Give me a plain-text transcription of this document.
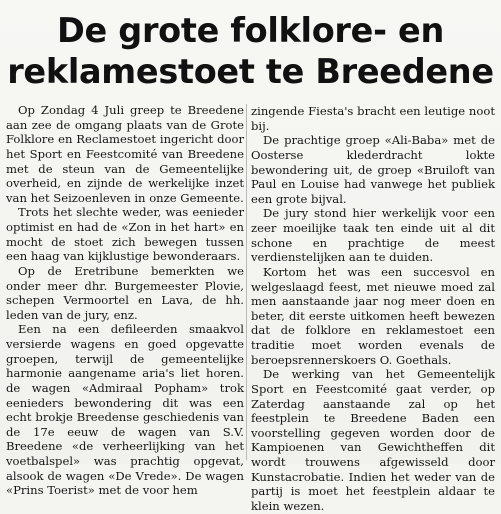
De grote folklore- en
reklamestoet te Breedene

Op Zondag 4 Juli greep te Breedene aan zee de omgang plaats van de Grote Folklore en Reclamestoet ingericht door het Sport en Feestcomité van Breedene met de steun van de Gemeentelijke overheid, en zijnde de werkelijke inzet van het Seizoenleven in onze Gemeente.

Trots het slechte weder, was eenieder optimist en had de «Zon in het hart» en mocht de stoet zich bewegen tussen een haag van kijklustige bewonderaars.

Op de Eretribune bemerkten we onder meer dhr. Burgemeester Plovie, schepen Vermoortel en Lava, de hh. leden van de jury, enz.

Een na een defileerden smaakvol versierde wagens en goed opgevatte groepen, terwijl de gemeentelijke harmonie aangename aria's liet horen. de wagen «Admiraal Popham» trok eenieders bewondering dit was een echt brokje Breedense geschiedenis van de 17e eeuw de wagen van S.V. Breedene «de verheerlijking van het voetbalspel» was prachtig opgevat, alsook de wagen «De Vrede». De wagen «Prins Toerist» met de voor hem

zingende Fiesta's bracht een leutige noot bij.

De prachtige groep «Ali-Baba» met de Oosterse klederdracht lokte bewondering uit, de groep «Bruiloft van Paul en Louise had vanwege het publiek een grote bijval.

De jury stond hier werkelijk voor een zeer moeilijke taak ten einde uit al dit schone en prachtige de meest verdienstelijken aan te duiden.

Kortom het was een succesvol en welgeslaagd feest, met nieuwe moed zal men aanstaande jaar nog meer doen en beter, dit eerste uitkomen heeft bewezen dat de folklore en reklamestoet een traditie moet worden evenals de beroepsrennerskoers O. Goethals.

De werking van het Gemeentelijk Sport en Feestcomité gaat verder, op Zaterdag aanstaande zal op het feestplein te Breedene Baden een voorstelling gegeven worden door de Kampioenen van Gewichtheffen dit wordt trouwens afgewisseld door Kunstacrobatie. Indien het weder van de partij is moet het feestplein aldaar te klein wezen.
